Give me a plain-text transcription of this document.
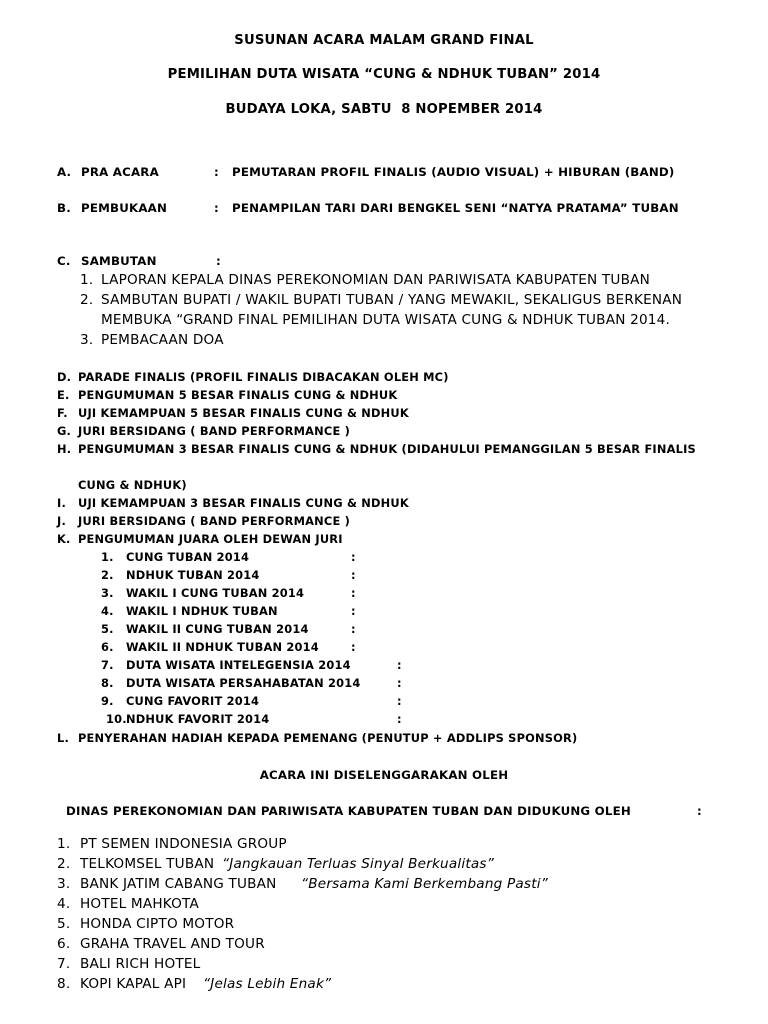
SUSUNAN ACARA MALAM GRAND FINAL
PEMILIHAN DUTA WISATA “CUNG & NDHUK TUBAN” 2014
BUDAYA LOKA, SABTU  8 NOPEMBER 2014
A. PRA ACARA	: PEMUTARAN PROFIL FINALIS (AUDIO VISUAL) + HIBURAN (BAND)
B. PEMBUKAAN	: PENAMPILAN TARI DARI BENGKEL SENI “NATYA PRATAMA” TUBAN
C. SAMBUTAN	:
1. LAPORAN KEPALA DINAS PEREKONOMIAN DAN PARIWISATA KABUPATEN TUBAN
2. SAMBUTAN BUPATI / WAKIL BUPATI TUBAN / YANG MEWAKIL, SEKALIGUS BERKENAN
MEMBUKA “GRAND FINAL PEMILIHAN DUTA WISATA CUNG & NDHUK TUBAN 2014.
3. PEMBACAAN DOA
D. PARADE FINALIS (PROFIL FINALIS DIBACAKAN OLEH MC)
E. PENGUMUMAN 5 BESAR FINALIS CUNG & NDHUK
F. UJI KEMAMPUAN 5 BESAR FINALIS CUNG & NDHUK
G. JURI BERSIDANG ( BAND PERFORMANCE )
H. PENGUMUMAN 3 BESAR FINALIS CUNG & NDHUK (DIDAHULUI PEMANGGILAN 5 BESAR FINALIS
CUNG & NDHUK)
I. UJI KEMAMPUAN 3 BESAR FINALIS CUNG & NDHUK
J. JURI BERSIDANG ( BAND PERFORMANCE )
K. PENGUMUMAN JUARA OLEH DEWAN JURI
1. CUNG TUBAN 2014	:
2. NDHUK TUBAN 2014	:
3. WAKIL I CUNG TUBAN 2014	:
4. WAKIL I NDHUK TUBAN	:
5. WAKIL II CUNG TUBAN 2014	:
6. WAKIL II NDHUK TUBAN 2014	:
7. DUTA WISATA INTELEGENSIA 2014	:
8. DUTA WISATA PERSAHABATAN 2014	:
9. CUNG FAVORIT 2014	:
10. NDHUK FAVORIT 2014	:
L. PENYERAHAN HADIAH KEPADA PEMENANG (PENUTUP + ADDLIPS SPONSOR)
ACARA INI DISELENGGARAKAN OLEH
DINAS PEREKONOMIAN DAN PARIWISATA KABUPATEN TUBAN DAN DIDUKUNG OLEH	:
1. PT SEMEN INDONESIA GROUP
2. TELKOMSEL TUBAN “Jangkauan Terluas Sinyal Berkualitas”
3. BANK JATIM CABANG TUBAN “Bersama Kami Berkembang Pasti”
4. HOTEL MAHKOTA
5. HONDA CIPTO MOTOR
6. GRAHA TRAVEL AND TOUR
7. BALI RICH HOTEL
8. KOPI KAPAL API “Jelas Lebih Enak”
